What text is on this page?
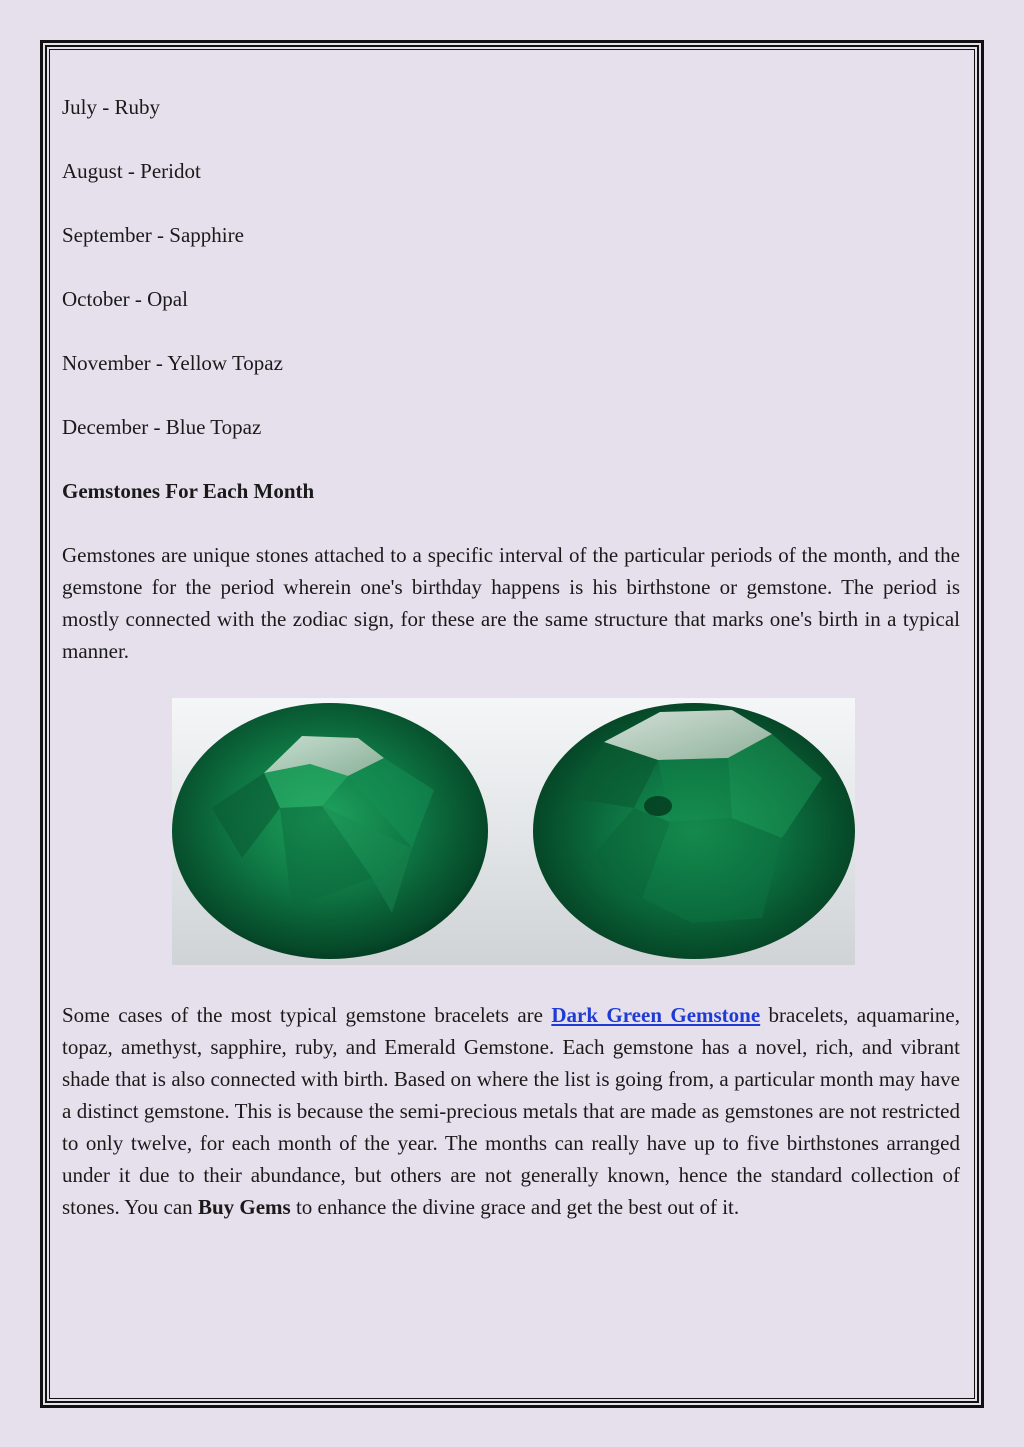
July - Ruby

August - Peridot

September - Sapphire

October - Opal

November - Yellow Topaz

December - Blue Topaz

Gemstones For Each Month

Gemstones are unique stones attached to a specific interval of the particular periods of the month, and the gemstone for the period wherein one's birthday happens is his birthstone or gemstone. The period is mostly connected with the zodiac sign, for these are the same structure that marks one's birth in a typical manner.

Some cases of the most typical gemstone bracelets are Dark Green Gemstone bracelets, aquamarine, topaz, amethyst, sapphire, ruby, and Emerald Gemstone. Each gemstone has a novel, rich, and vibrant shade that is also connected with birth. Based on where the list is going from, a particular month may have a distinct gemstone. This is because the semi-precious metals that are made as gemstones are not restricted to only twelve, for each month of the year. The months can really have up to five birthstones arranged under it due to their abundance, but others are not generally known, hence the standard collection of stones. You can Buy Gems to enhance the divine grace and get the best out of it.
